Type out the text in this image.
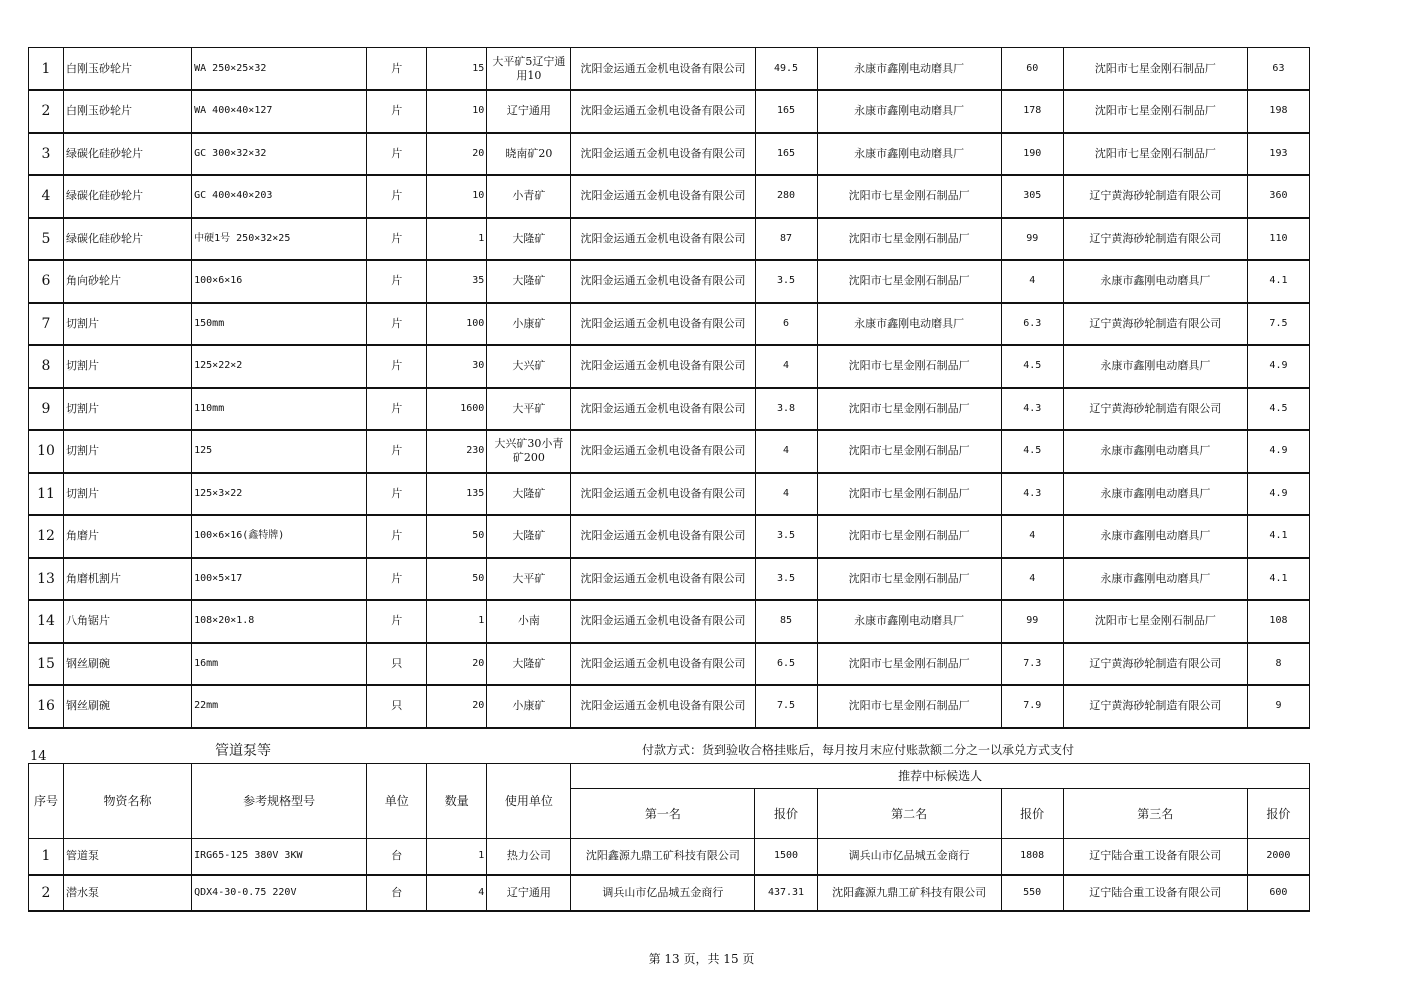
1	白刚玉砂轮片	WA 250×25×32	片	15	大平矿5辽宁通用10	沈阳金运通五金机电设备有限公司	49.5	永康市鑫刚电动磨具厂	60	沈阳市七星金刚石制品厂	63
2	白刚玉砂轮片	WA 400×40×127	片	10	辽宁通用	沈阳金运通五金机电设备有限公司	165	永康市鑫刚电动磨具厂	178	沈阳市七星金刚石制品厂	198
3	绿碳化硅砂轮片	GC 300×32×32	片	20	晓南矿20	沈阳金运通五金机电设备有限公司	165	永康市鑫刚电动磨具厂	190	沈阳市七星金刚石制品厂	193
4	绿碳化硅砂轮片	GC 400×40×203	片	10	小青矿	沈阳金运通五金机电设备有限公司	280	沈阳市七星金刚石制品厂	305	辽宁黄海砂轮制造有限公司	360
5	绿碳化硅砂轮片	中硬1号 250×32×25	片	1	大隆矿	沈阳金运通五金机电设备有限公司	87	沈阳市七星金刚石制品厂	99	辽宁黄海砂轮制造有限公司	110
6	角向砂轮片	100×6×16	片	35	大隆矿	沈阳金运通五金机电设备有限公司	3.5	沈阳市七星金刚石制品厂	4	永康市鑫刚电动磨具厂	4.1
7	切割片	150mm	片	100	小康矿	沈阳金运通五金机电设备有限公司	6	永康市鑫刚电动磨具厂	6.3	辽宁黄海砂轮制造有限公司	7.5
8	切割片	125×22×2	片	30	大兴矿	沈阳金运通五金机电设备有限公司	4	沈阳市七星金刚石制品厂	4.5	永康市鑫刚电动磨具厂	4.9
9	切割片	110mm	片	1600	大平矿	沈阳金运通五金机电设备有限公司	3.8	沈阳市七星金刚石制品厂	4.3	辽宁黄海砂轮制造有限公司	4.5
10	切割片	125	片	230	大兴矿30小青矿200	沈阳金运通五金机电设备有限公司	4	沈阳市七星金刚石制品厂	4.5	永康市鑫刚电动磨具厂	4.9
11	切割片	125×3×22	片	135	大隆矿	沈阳金运通五金机电设备有限公司	4	沈阳市七星金刚石制品厂	4.3	永康市鑫刚电动磨具厂	4.9
12	角磨片	100×6×16(鑫特牌)	片	50	大隆矿	沈阳金运通五金机电设备有限公司	3.5	沈阳市七星金刚石制品厂	4	永康市鑫刚电动磨具厂	4.1
13	角磨机割片	100×5×17	片	50	大平矿	沈阳金运通五金机电设备有限公司	3.5	沈阳市七星金刚石制品厂	4	永康市鑫刚电动磨具厂	4.1
14	八角锯片	108×20×1.8	片	1	小南	沈阳金运通五金机电设备有限公司	85	永康市鑫刚电动磨具厂	99	沈阳市七星金刚石制品厂	108
15	钢丝刷碗	16mm	只	20	大隆矿	沈阳金运通五金机电设备有限公司	6.5	沈阳市七星金刚石制品厂	7.3	辽宁黄海砂轮制造有限公司	8
16	钢丝刷碗	22mm	只	20	小康矿	沈阳金运通五金机电设备有限公司	7.5	沈阳市七星金刚石制品厂	7.9	辽宁黄海砂轮制造有限公司	9
14	管道泵等	付款方式：货到验收合格挂账后，每月按月末应付账款额二分之一以承兑方式支付
序号	物资名称	参考规格型号	单位	数量	使用单位	推荐中标候选人					
						第一名	报价	第二名	报价	第三名	报价
1	管道泵	IRG65-125 380V 3KW	台	1	热力公司	沈阳鑫源九鼎工矿科技有限公司	1500	调兵山市亿品城五金商行	1808	辽宁陆合重工设备有限公司	2000
2	潜水泵	QDX4-30-0.75 220V	台	4	辽宁通用	调兵山市亿品城五金商行	437.31	沈阳鑫源九鼎工矿科技有限公司	550	辽宁陆合重工设备有限公司	600
第 13 页，共 15 页
